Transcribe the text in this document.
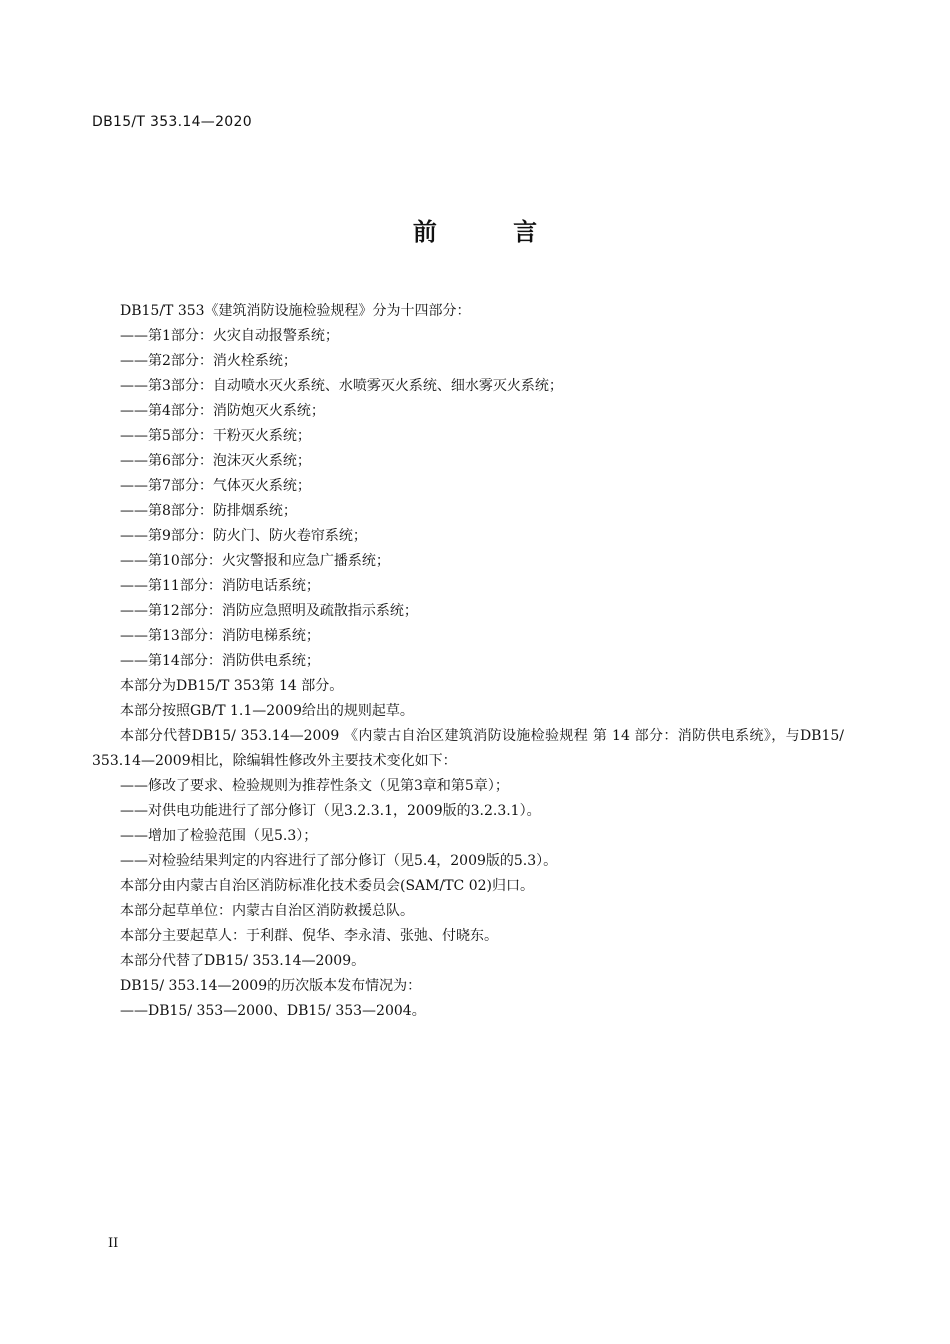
DB15/T 353.14—2020
前 言
DB15/T 353《建筑消防设施检验规程》分为十四部分：
——第1部分：火灾自动报警系统；
——第2部分：消火栓系统；
——第3部分：自动喷水灭火系统、水喷雾灭火系统、细水雾灭火系统；
——第4部分：消防炮灭火系统；
——第5部分：干粉灭火系统；
——第6部分：泡沫灭火系统；
——第7部分：气体灭火系统；
——第8部分：防排烟系统；
——第9部分：防火门、防火卷帘系统；
——第10部分：火灾警报和应急广播系统；
——第11部分：消防电话系统；
——第12部分：消防应急照明及疏散指示系统；
——第13部分：消防电梯系统；
——第14部分：消防供电系统；
本部分为DB15/T 353第 14 部分。
本部分按照GB/T 1.1—2009给出的规则起草。
本部分代替DB15/ 353.14—2009 《内蒙古自治区建筑消防设施检验规程 第 14 部分：消防供电系统》，与DB15/ 353.14—2009相比，除编辑性修改外主要技术变化如下：
——修改了要求、检验规则为推荐性条文（见第3章和第5章）；
——对供电功能进行了部分修订（见3.2.3.1，2009版的3.2.3.1）。
——增加了检验范围（见5.3）；
——对检验结果判定的内容进行了部分修订（见5.4，2009版的5.3）。
本部分由内蒙古自治区消防标准化技术委员会(SAM/TC 02)归口。
本部分起草单位：内蒙古自治区消防救援总队。
本部分主要起草人：于利群、倪华、李永清、张弛、付晓东。
本部分代替了DB15/ 353.14—2009。
DB15/ 353.14—2009的历次版本发布情况为：
——DB15/ 353—2000、DB15/ 353—2004。
II
